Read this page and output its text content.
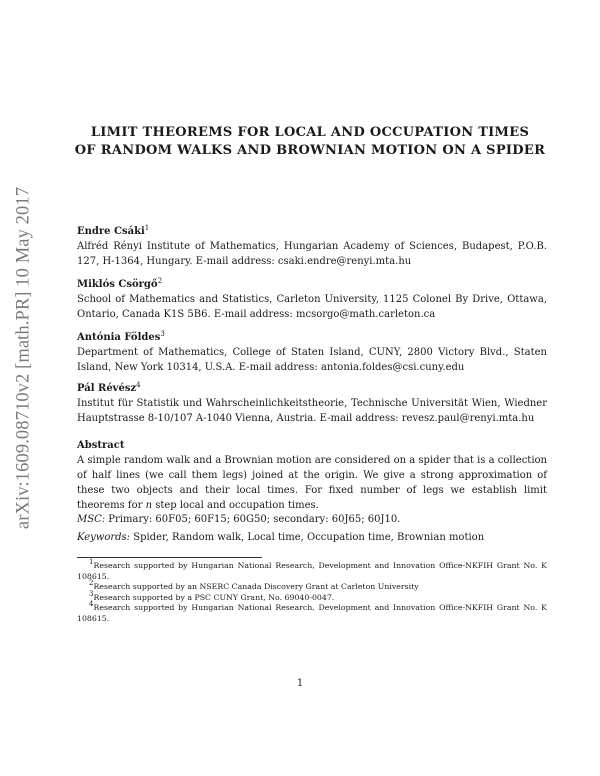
arXiv:1609.08710v2 [math.PR] 10 May 2017
LIMIT THEOREMS FOR LOCAL AND OCCUPATION TIMES
OF RANDOM WALKS AND BROWNIAN MOTION ON A SPIDER
Endre Csáki$^1$
Alfréd Rényi Institute of Mathematics, Hungarian Academy of Sciences, Budapest, P.O.B. 127, H-1364, Hungary. E-mail address: csaki.endre@renyi.mta.hu
Miklós Csörgő$^2$
School of Mathematics and Statistics, Carleton University, 1125 Colonel By Drive, Ottawa, Ontario, Canada K1S 5B6. E-mail address: mcsorgo@math.carleton.ca
Antónia Földes$^3$
Department of Mathematics, College of Staten Island, CUNY, 2800 Victory Blvd., Staten Island, New York 10314, U.S.A. E-mail address: antonia.foldes@csi.cuny.edu
Pál Révész$^4$
Institut für Statistik und Wahrscheinlichkeitstheorie, Technische Universität Wien, Wiedner Hauptstrasse 8-10/107 A-1040 Vienna, Austria. E-mail address: revesz.paul@renyi.mta.hu
Abstract
A simple random walk and a Brownian motion are considered on a spider that is a collection of half lines (we call them legs) joined at the origin. We give a strong approximation of these two objects and their local times. For fixed number of legs we establish limit theorems for n step local and occupation times.
MSC: Primary: 60F05; 60F15; 60G50; secondary: 60J65; 60J10.
Keywords: Spider, Random walk, Local time, Occupation time, Brownian motion
$^1$Research supported by Hungarian National Research, Development and Innovation Office-NKFIH Grant No. K 108615.
$^2$Research supported by an NSERC Canada Discovery Grant at Carleton University
$^3$Research supported by a PSC CUNY Grant, No. 69040-0047.
$^4$Research supported by Hungarian National Research, Development and Innovation Office-NKFIH Grant No. K 108615.
1
